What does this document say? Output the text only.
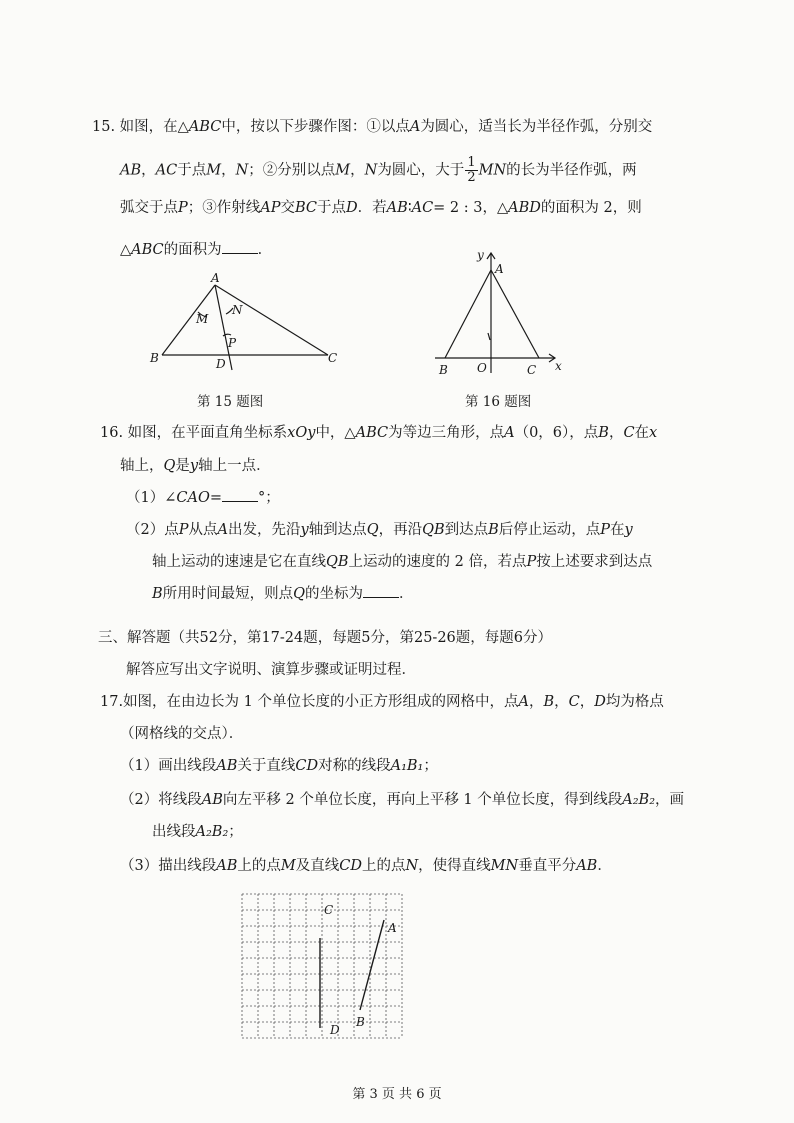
15. 如图，在△ABC中，按以下步骤作图：①以点A为圆心，适当长为半径作弧，分别交
AB，AC于点M，N；②分别以点M，N为圆心，大于 $\frac{1}{2}$ MN的长为半径作弧，两
弧交于点P；③作射线AP交BC于点D．若AB∶AC= 2 : 3，△ABD的面积为 2，则
△ABC的面积为 ．
A
B	C
D
M
N
P
第 15 题图
y
A
B O	C x
第 16 题图
16. 如图，在平面直角坐标系xOy中，△ABC为等边三角形，点A（0，6），点B，C在x
轴上，Q是y轴上一点．
（1）∠CAO= °；
（2）点P从点A出发，先沿y轴到达点Q，再沿QB到达点B后停止运动，点P在y
轴上运动的速速是它在直线QB上运动的速度的 2 倍，若点P按上述要求到达点
B所用时间最短，则点Q的坐标为 ．
三、解答题（共52分，第17-24题，每题5分，第25-26题，每题6分）
解答应写出文字说明、演算步骤或证明过程．
17.如图，在由边长为 1 个单位长度的小正方形组成的网格中，点A，B，C，D均为格点
（网格线的交点）．
（1）画出线段AB关于直线CD对称的线段A₁B₁；
（2）将线段AB向左平移 2 个单位长度，再向上平移 1 个单位长度，得到线段A₂B₂，画
出线段A₂B₂；
（3）描出线段AB上的点M及直线CD上的点N，使得直线MN垂直平分AB．
C
D
A
B
第 3 页 共 6 页
